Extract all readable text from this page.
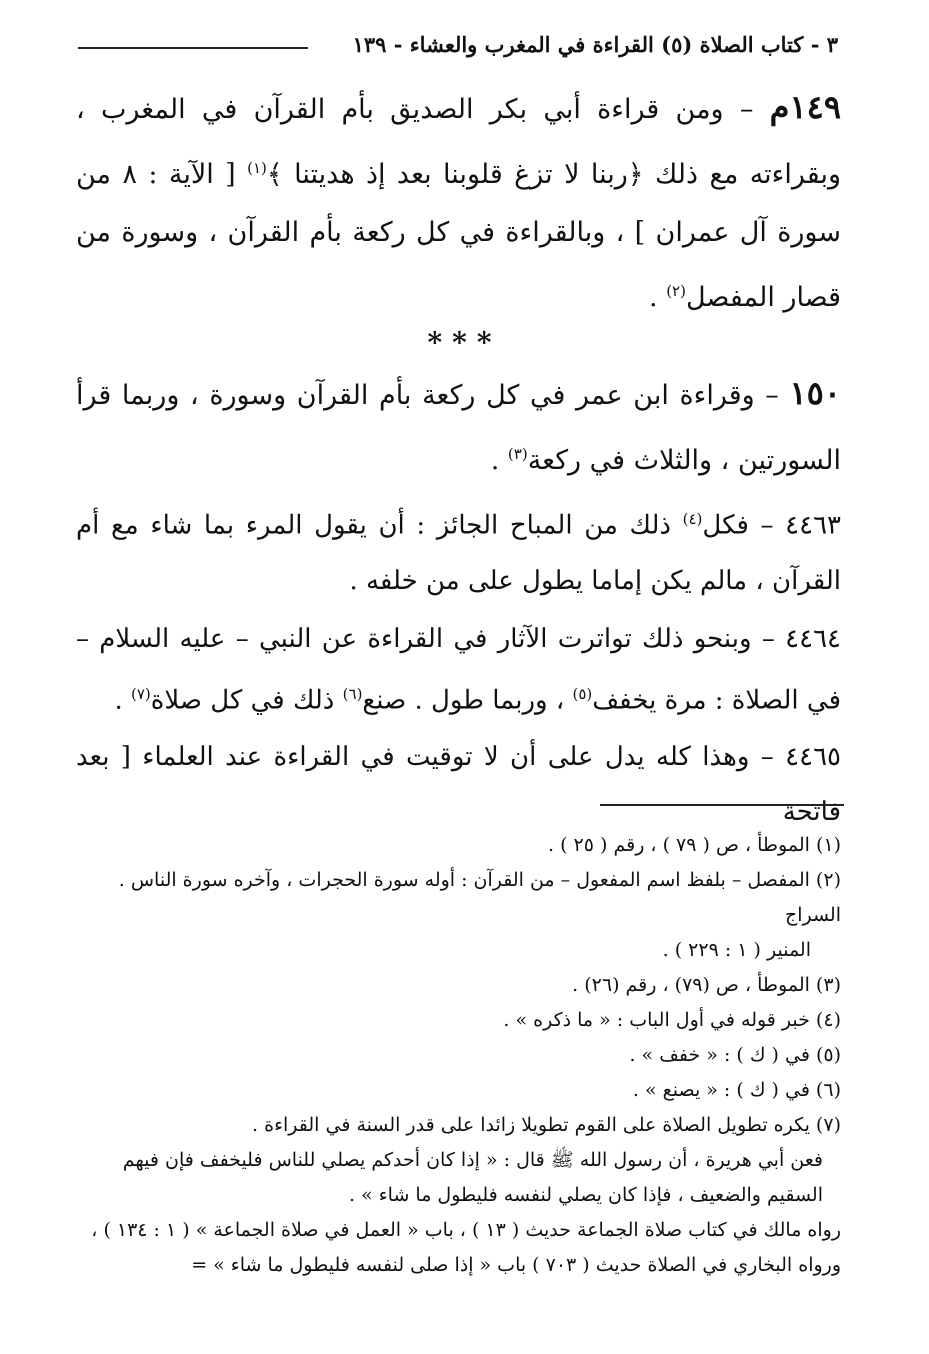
٣ - كتاب الصلاة (٥) القراءة في المغرب والعشاء - ١٣٩

١٤٩م – ومن قراءة أبي بكر الصديق بأم القرآن في المغرب ، وبقراءته مع ذلك ﴿ربنا لا تزغ قلوبنا بعد إذ هديتنا ﴾$^{(١)}$ [ الآية : ٨ من سورة آل عمران ] ، وبالقراءة في كل ركعة بأم القرآن ، وسورة من قصار المفصل$^{(٢)}$ .

***

١٥٠ – وقراءة ابن عمر في كل ركعة بأم القرآن وسورة ، وربما قرأ السورتين ، والثلاث في ركعة$^{(٣)}$ .

٤٤٦٣ – فكل$^{(٤)}$ ذلك من المباح الجائز : أن يقول المرء بما شاء مع أم القرآن ، مالم يكن إماما يطول على من خلفه .

٤٤٦٤ – وبنحو ذلك تواترت الآثار في القراءة عن النبي – عليه السلام – في الصلاة : مرة يخفف$^{(٥)}$ ، وربما طول . صنع$^{(٦)}$ ذلك في كل صلاة$^{(٧)}$ .

٤٤٦٥ – وهذا كله يدل على أن لا توقيت في القراءة عند العلماء [ بعد فاتحة

(١) الموطأ ، ص ( ٧٩ ) ، رقم ( ٢٥ ) .

(٢) المفصل – بلفظ اسم المفعول – من القرآن : أوله سورة الحجرات ، وآخره سورة الناس . السراج

المنير ( ١ : ٢٢٩ ) .

(٣) الموطأ ، ص (٧٩) ، رقم (٢٦) .

(٤) خبر قوله في أول الباب : « ما ذكره » .

(٥) في ( ك ) : « خفف » .

(٦) في ( ك ) : « يصنع » .

(٧) يكره تطويل الصلاة على القوم تطويلا زائدا على قدر السنة في القراءة .

فعن أبي هريرة ، أن رسول الله ﷺ قال : « إذا كان أحدكم يصلي للناس فليخفف فإن فيهم السقيم والضعيف ، فإذا كان يصلي لنفسه فليطول ما شاء » .

رواه مالك في كتاب صلاة الجماعة حديث ( ١٣ ) ، باب « العمل في صلاة الجماعة » ( ١ : ١٣٤ ) ، ورواه البخاري في الصلاة حديث ( ٧٠٣ ) باب « إذا صلى لنفسه فليطول ما شاء » =
